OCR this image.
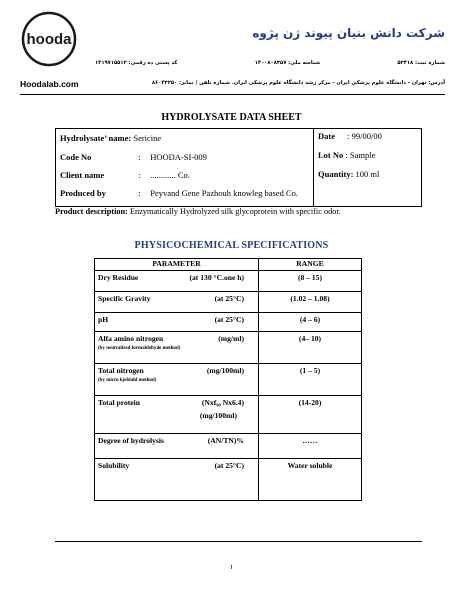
hooda	شرکت دانش بنیان پیوند ژن پژوه
شماره ثبت: ۵۳۴۱۸
شناسه ملی: ۱۴۰۰۸۰۸۳۵۷
کد پستی ده رقمی: ۱۴۱۹۷۱۵۵۱۳
Hoodalab.com	آدرس: تهران - دانشگاه علوم پزشکی ایران - مرکز رشد دانشگاه علوم پزشکی ایران. شماره تلفن / نمابر: ۸۶۰۴۳۲۵۰
HYDROLYSATE DATA SHEET
Hydrolysate’ name: Sericine
Code No	: HOODA-SI-009
Client name	: ............ Co.
Produced by	: Peyvand Gene Pazhouh knowleg based Co.
Date : 99/00/00
Lot No : Sample
Quantity: 100 ml
Product description: Enzymatically Hydrolyzed silk glycoprotein with specific odor.
PHYSICOCHEMICAL SPECIFICATIONS
PARAMETER	RANGE
Dry Residue (at 130 °C.one h)	(8 – 15)
Specific Gravity (at 25°C)	(1.02 – 1.08)
pH (at 25°C)	(4 – 6)
Alfa amino nitrogen (mg/ml)
(by neutralized formaldehyde method)	(4– 10)
Total nitrogen (mg/100ml)
(by micro kjeldahl method)	(1 – 5)
Total protein (Nxf₉₀ Nx6.4)
(mg/100ml)	(14-20)
Degree of hydrolysis (AN/TN)%	……
Solubility (at 25°C)	Water soluble
۱
